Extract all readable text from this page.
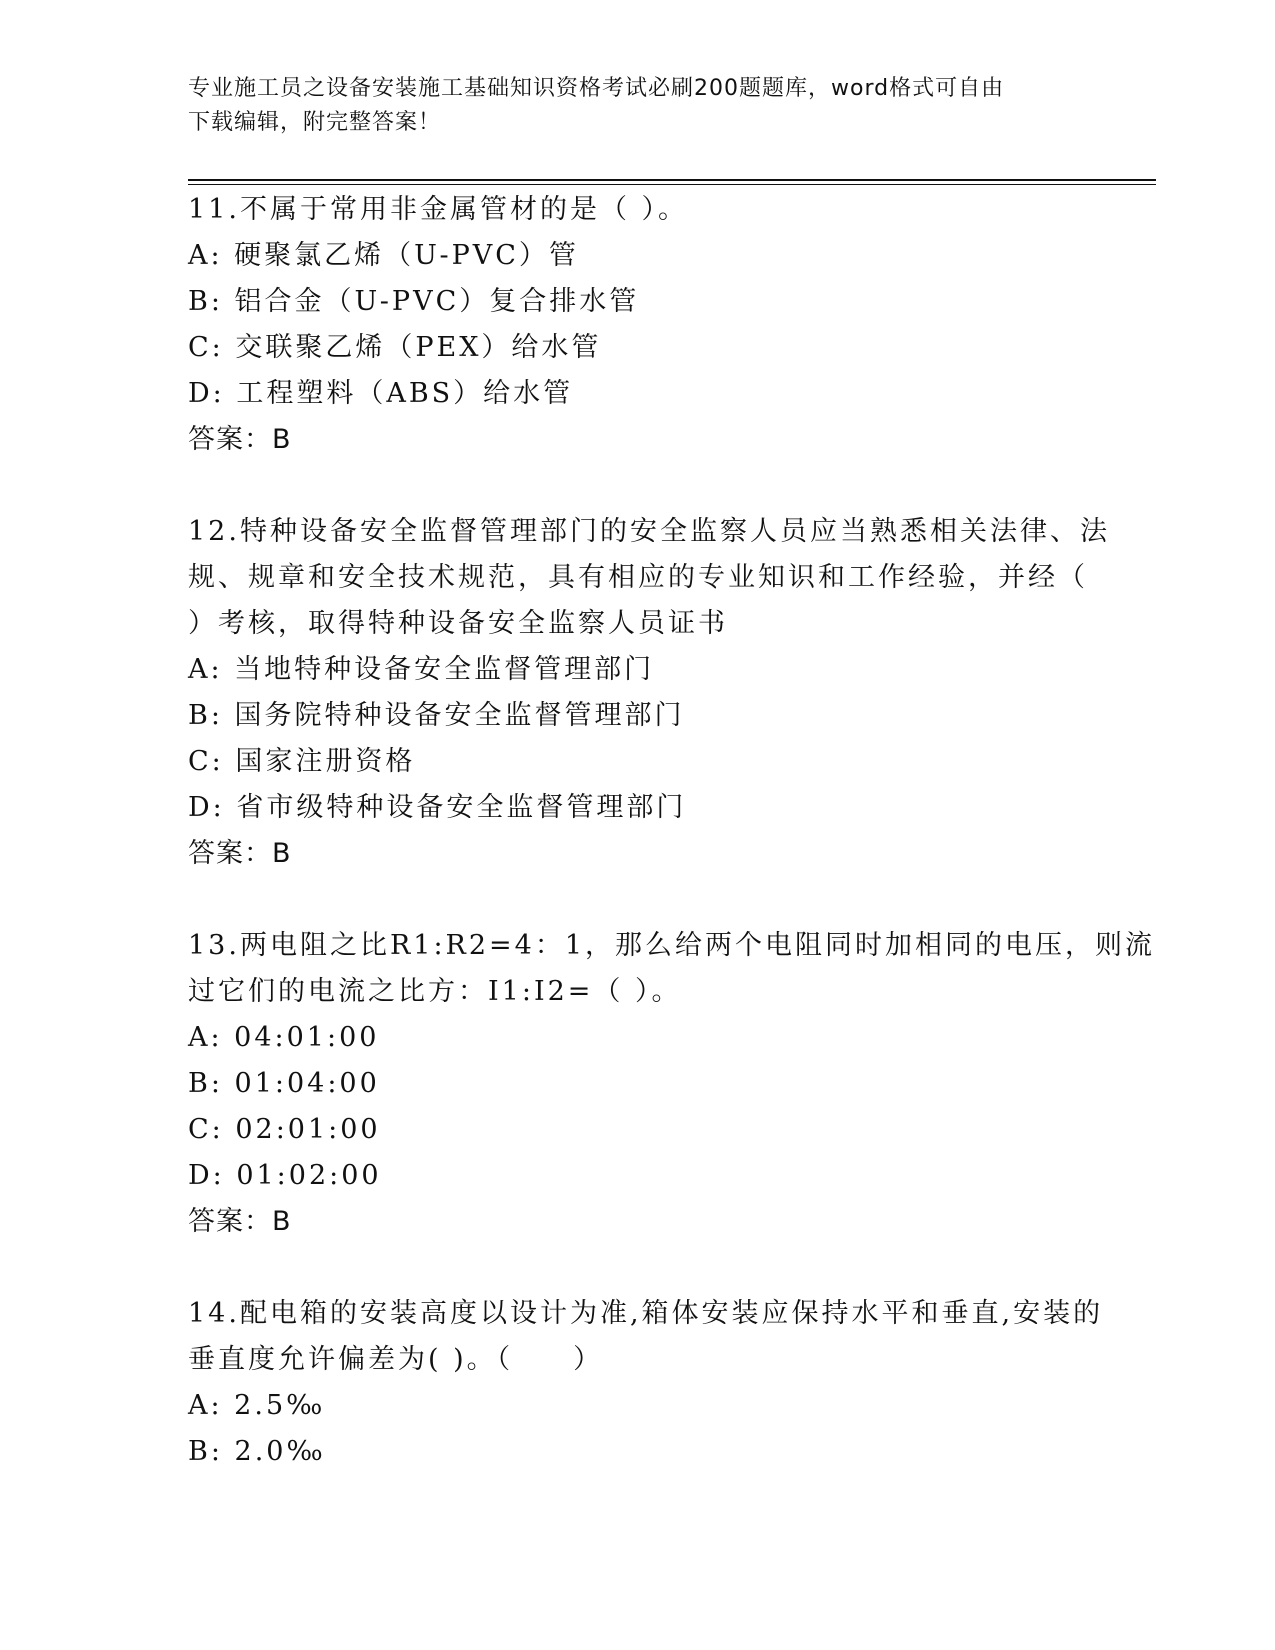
专业施工员之设备安装施工基础知识资格考试必刷200题题库，word格式可自由
下载编辑，附完整答案！
11.不属于常用非金属管材的是（ ）。
A: 硬聚氯乙烯（U-PVC）管
B: 铝合金（U-PVC）复合排水管
C: 交联聚乙烯（PEX）给水管
D: 工程塑料（ABS）给水管
答案：B
12.特种设备安全监督管理部门的安全监察人员应当熟悉相关法律、法
规、规章和安全技术规范，具有相应的专业知识和工作经验，并经（
）考核，取得特种设备安全监察人员证书
A: 当地特种设备安全监督管理部门
B: 国务院特种设备安全监督管理部门
C: 国家注册资格
D: 省市级特种设备安全监督管理部门
答案：B
13.两电阻之比R1:R2=4：1，那么给两个电阻同时加相同的电压，则流
过它们的电流之比方：I1:I2=（ ）。
A: 04:01:00
B: 01:04:00
C: 02:01:00
D: 01:02:00
答案：B
14.配电箱的安装高度以设计为准,箱体安装应保持水平和垂直,安装的
垂直度允许偏差为( )。（　　）
A: 2.5‰
B: 2.0‰
